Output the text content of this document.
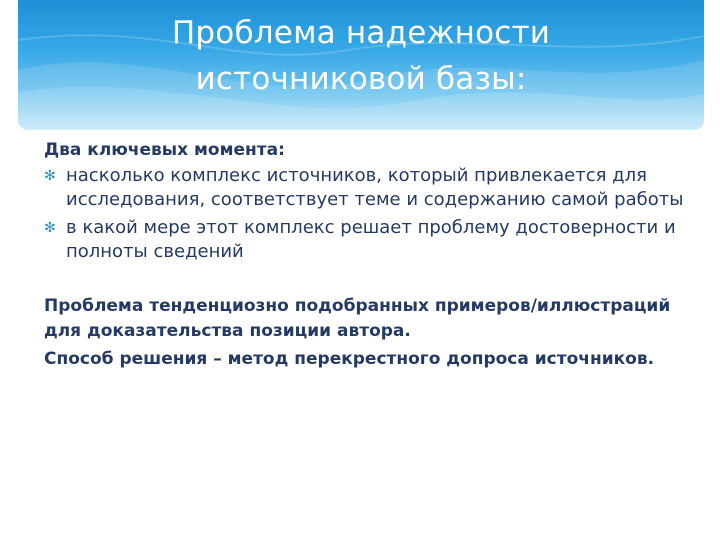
Проблема надежности
источниковой базы:

Два ключевых момента:

✻ насколько комплекс источников, который привлекается для исследования, соответствует теме и содержанию самой работы
✻ в какой мере этот комплекс решает проблему достоверности и полноты сведений

Проблема тенденциозно подобранных примеров/иллюстраций для доказательства позиции автора.

Способ решения – метод перекрестного допроса источников.
